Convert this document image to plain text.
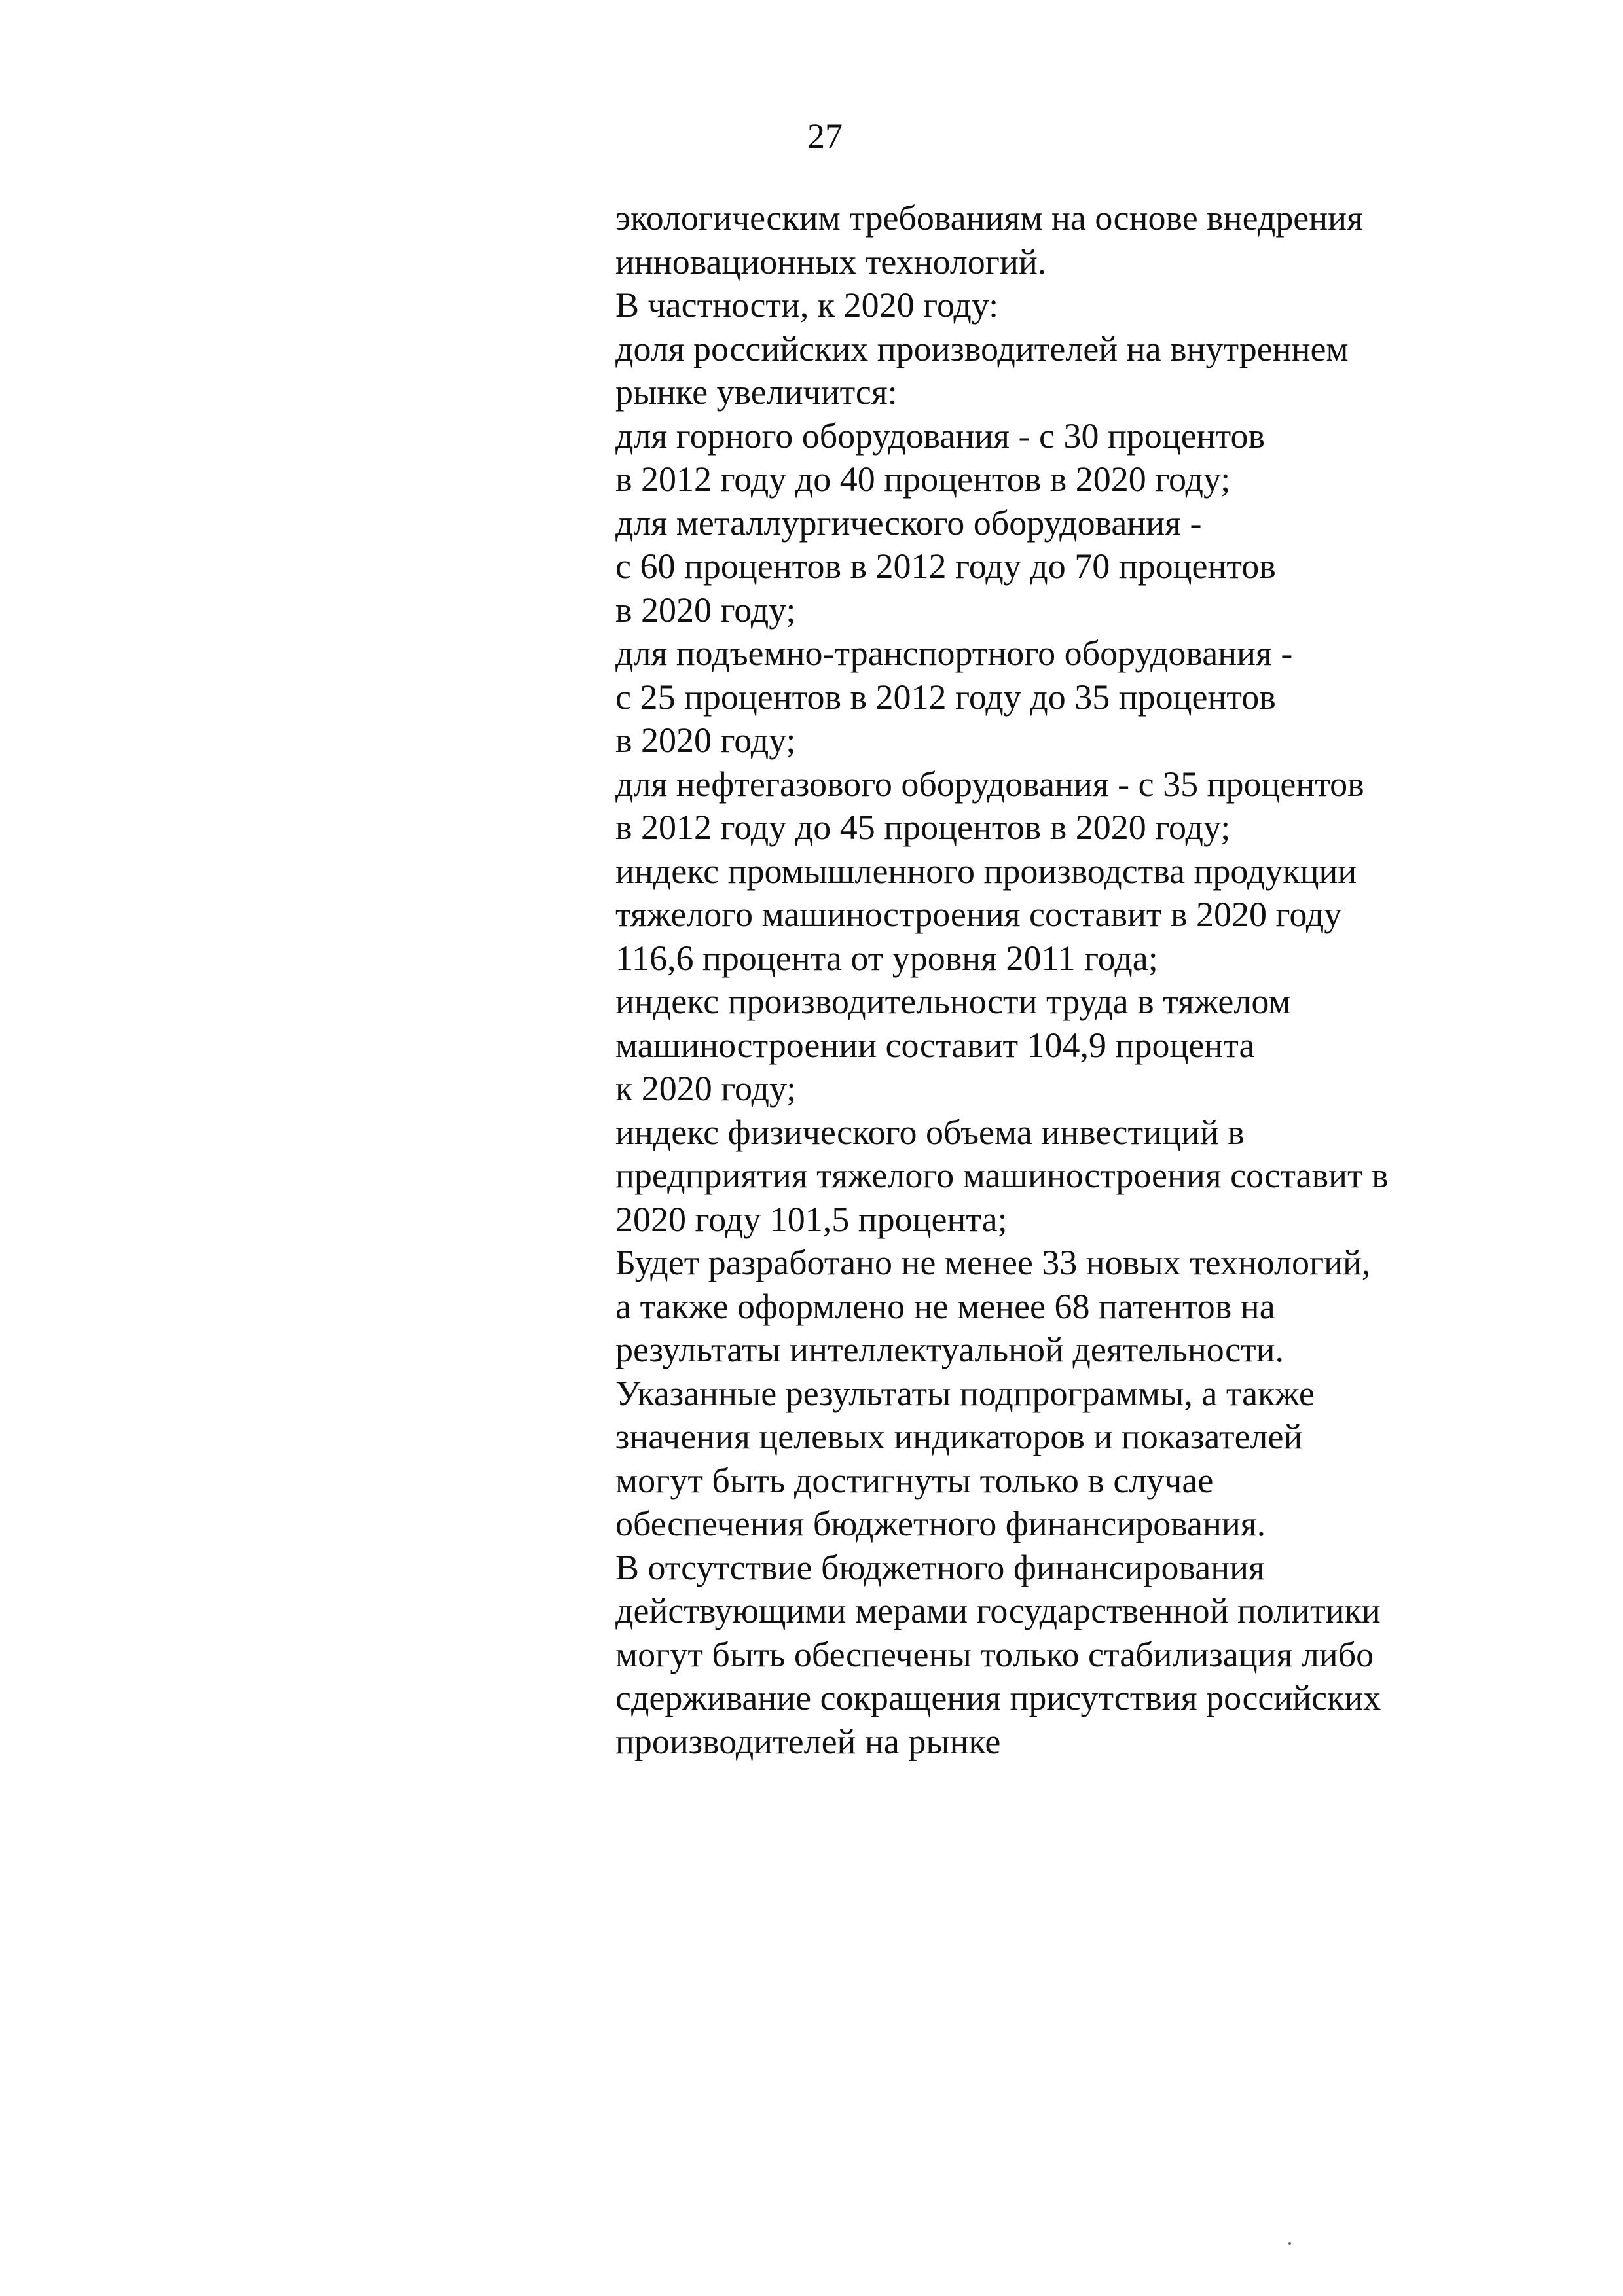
27
экологическим требованиям на основе внедрения
инновационных технологий.
В частности, к 2020 году:
доля российских производителей на внутреннем
рынке увеличится:
для горного оборудования - с 30 процентов
в 2012 году до 40 процентов в 2020 году;
для металлургического оборудования -
с 60 процентов в 2012 году до 70 процентов
в 2020 году;
для подъемно-транспортного оборудования -
с 25 процентов в 2012 году до 35 процентов
в 2020 году;
для нефтегазового оборудования - с 35 процентов
в 2012 году до 45 процентов в 2020 году;
индекс промышленного производства продукции
тяжелого машиностроения составит в 2020 году
116,6 процента от уровня 2011 года;
индекс производительности труда в тяжелом
машиностроении составит 104,9 процента
к 2020 году;
индекс физического объема инвестиций в
предприятия тяжелого машиностроения составит в
2020 году 101,5 процента;
Будет разработано не менее 33 новых технологий,
а также оформлено не менее 68 патентов на
результаты интеллектуальной деятельности.
Указанные результаты подпрограммы, а также
значения целевых индикаторов и показателей
могут быть достигнуты только в случае
обеспечения бюджетного финансирования.
В отсутствие бюджетного финансирования
действующими мерами государственной политики
могут быть обеспечены только стабилизация либо
сдерживание сокращения присутствия российских
производителей на рынке
